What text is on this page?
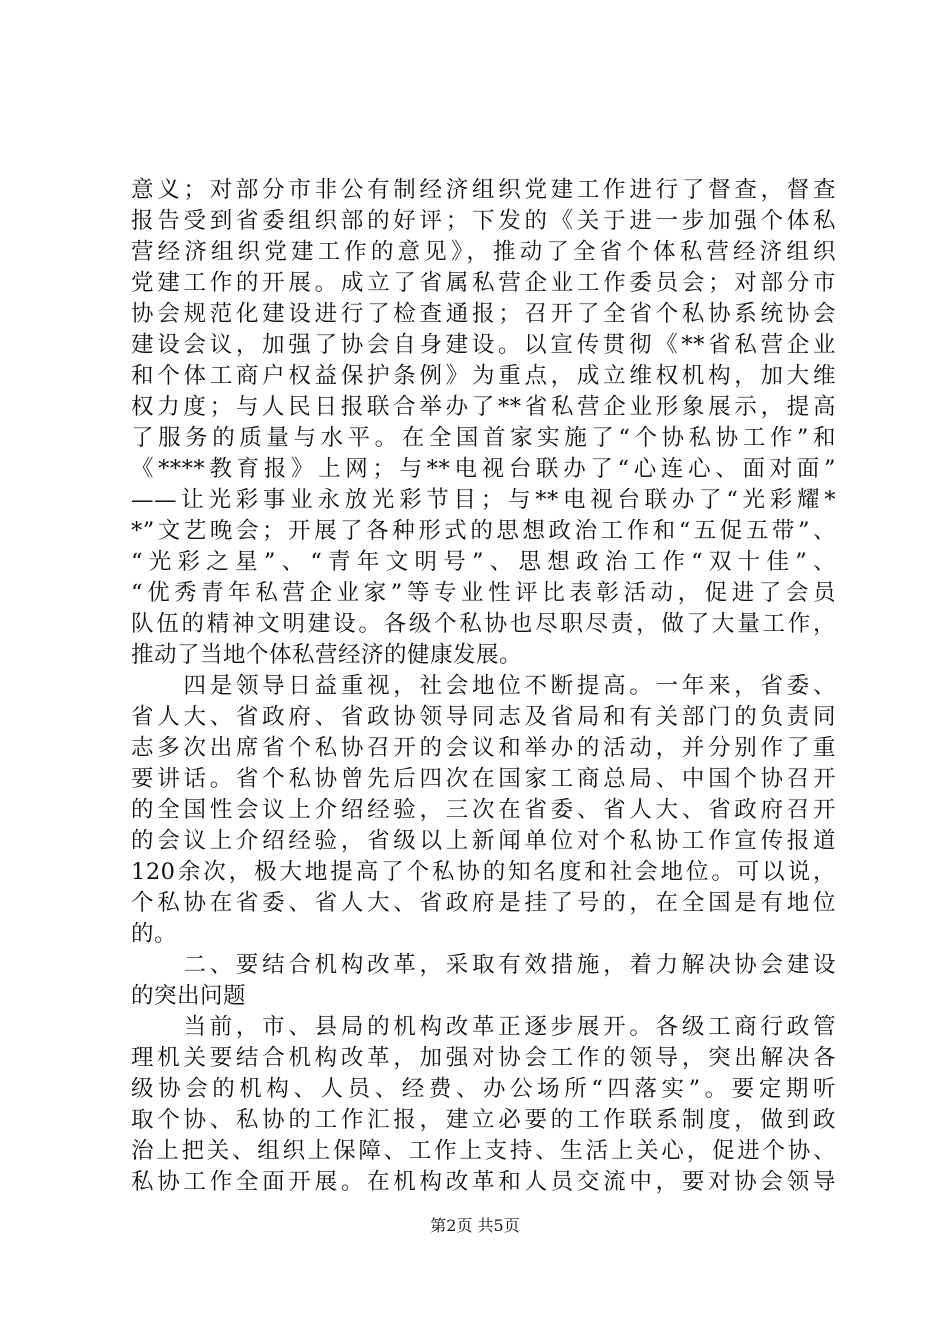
意义；对部分市非公有制经济组织党建工作进行了督查，督查
报告受到省委组织部的好评；下发的《关于进一步加强个体私
营经济组织党建工作的意见》，推动了全省个体私营经济组织
党建工作的开展。成立了省属私营企业工作委员会；对部分市
协会规范化建设进行了检查通报；召开了全省个私协系统协会
建设会议，加强了协会自身建设。以宣传贯彻《**省私营企业
和个体工商户权益保护条例》为重点，成立维权机构，加大维
权力度；与人民日报联合举办了**省私营企业形象展示，提高
了服务的质量与水平。在全国首家实施了“个协私协工作”和
《****教育报》上网；与**电视台联办了“心连心、面对面”
——让光彩事业永放光彩节目；与**电视台联办了“光彩耀*
*”文艺晚会；开展了各种形式的思想政治工作和“五促五带”、
“光彩之星”、“青年文明号”、思想政治工作“双十佳”、
“优秀青年私营企业家”等专业性评比表彰活动，促进了会员
队伍的精神文明建设。各级个私协也尽职尽责，做了大量工作，
推动了当地个体私营经济的健康发展。
　　四是领导日益重视，社会地位不断提高。一年来，省委、
省人大、省政府、省政协领导同志及省局和有关部门的负责同
志多次出席省个私协召开的会议和举办的活动，并分别作了重
要讲话。省个私协曾先后四次在国家工商总局、中国个协召开
的全国性会议上介绍经验，三次在省委、省人大、省政府召开
的会议上介绍经验，省级以上新闻单位对个私协工作宣传报道
120余次，极大地提高了个私协的知名度和社会地位。可以说，
个私协在省委、省人大、省政府是挂了号的，在全国是有地位
的。
　　二、要结合机构改革，采取有效措施，着力解决协会建设
的突出问题
　　当前，市、县局的机构改革正逐步展开。各级工商行政管
理机关要结合机构改革，加强对协会工作的领导，突出解决各
级协会的机构、人员、经费、办公场所“四落实”。要定期听
取个协、私协的工作汇报，建立必要的工作联系制度，做到政
治上把关、组织上保障、工作上支持、生活上关心，促进个协、
私协工作全面开展。在机构改革和人员交流中，要对协会领导
第2页 共5页
